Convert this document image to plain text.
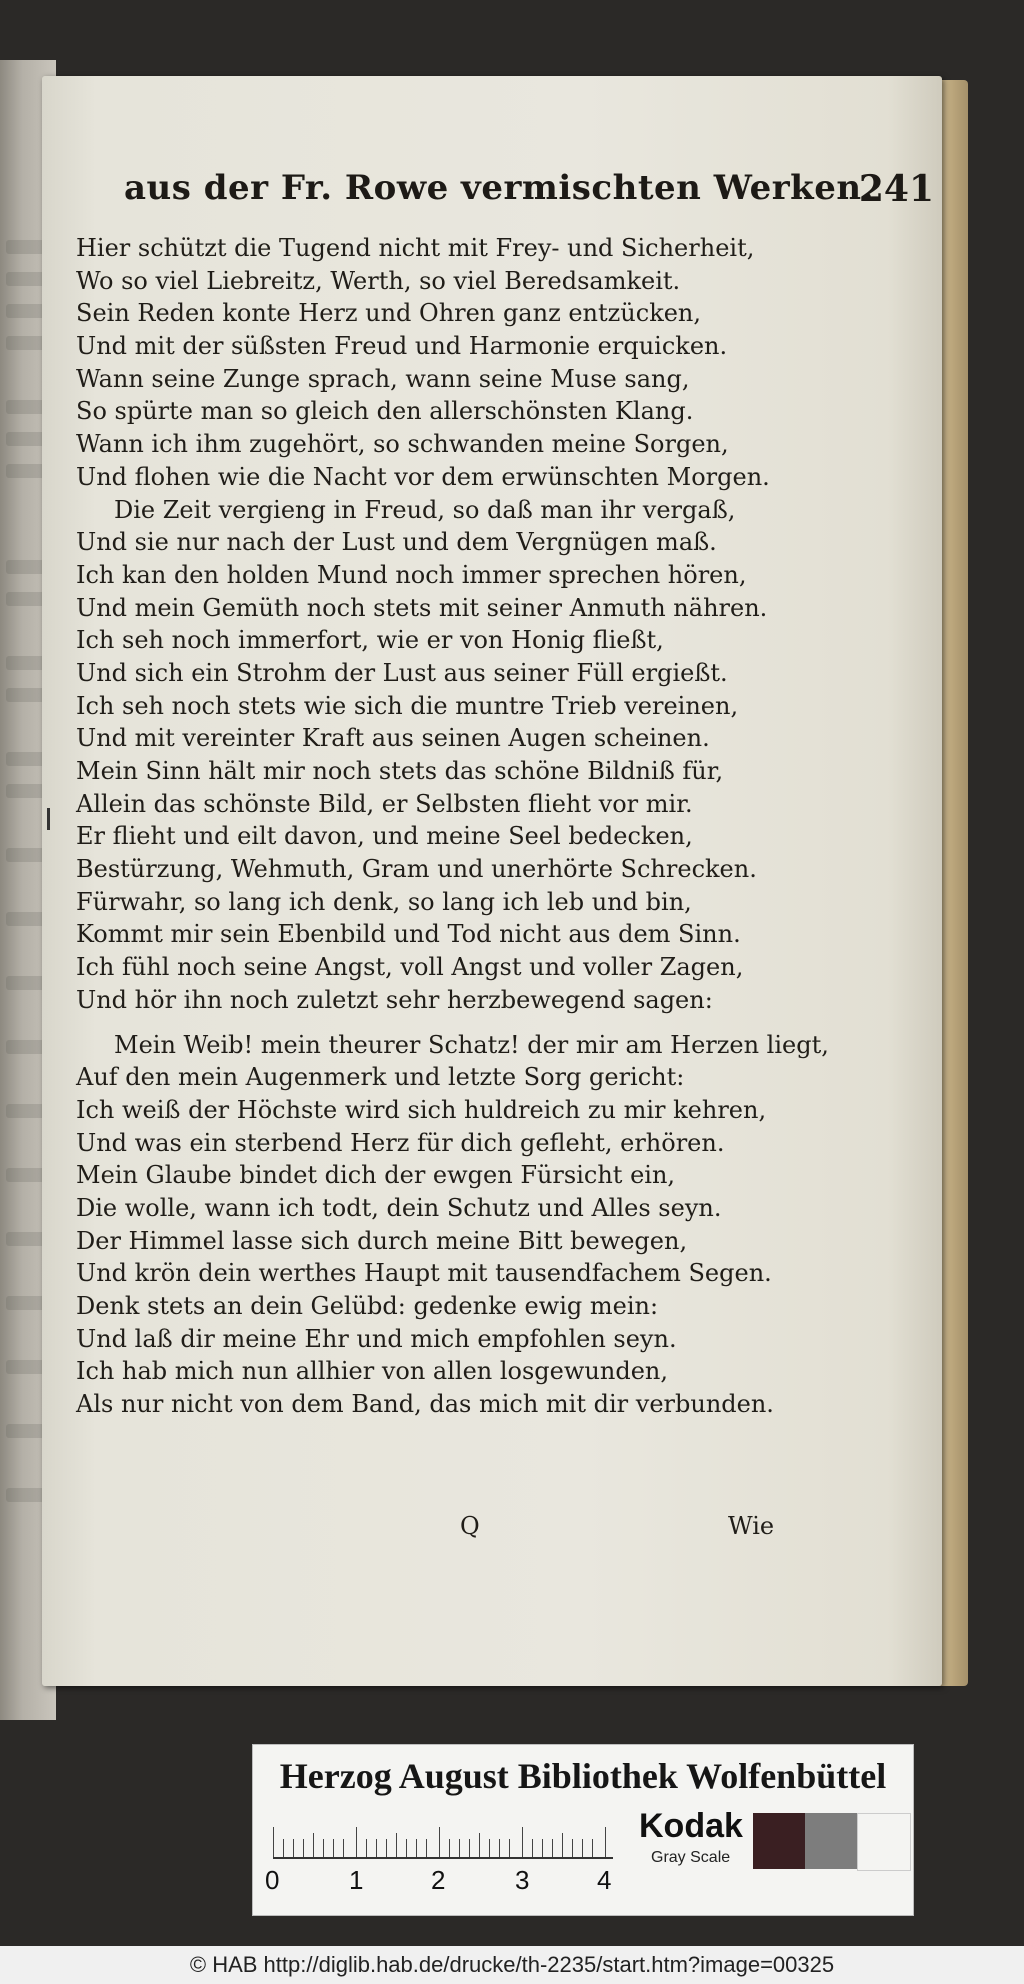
aus der Fr. Rowe vermischten Werken.
241
Hier schützt die Tugend nicht mit Frey- und Sicherheit,
Wo so viel Liebreitz, Werth, so viel Beredsamkeit.
Sein Reden konte Herz und Ohren ganz entzücken,
Und mit der süßsten Freud und Harmonie erquicken.
Wann seine Zunge sprach, wann seine Muse sang,
So spürte man so gleich den allerschönsten Klang.
Wann ich ihm zugehört, so schwanden meine Sorgen,
Und flohen wie die Nacht vor dem erwünschten Morgen.
Die Zeit vergieng in Freud, so daß man ihr vergaß,
Und sie nur nach der Lust und dem Vergnügen maß.
Ich kan den holden Mund noch immer sprechen hören,
Und mein Gemüth noch stets mit seiner Anmuth nähren.
Ich seh noch immerfort, wie er von Honig fließt,
Und sich ein Strohm der Lust aus seiner Füll ergießt.
Ich seh noch stets wie sich die muntre Trieb vereinen,
Und mit vereinter Kraft aus seinen Augen scheinen.
Mein Sinn hält mir noch stets das schöne Bildniß für,
Allein das schönste Bild, er Selbsten flieht vor mir.
Er flieht und eilt davon, und meine Seel bedecken,
Bestürzung, Wehmuth, Gram und unerhörte Schrecken.
Fürwahr, so lang ich denk, so lang ich leb und bin,
Kommt mir sein Ebenbild und Tod nicht aus dem Sinn.
Ich fühl noch seine Angst, voll Angst und voller Zagen,
Und hör ihn noch zuletzt sehr herzbewegend sagen:
Mein Weib! mein theurer Schatz! der mir am Herzen liegt,
Auf den mein Augenmerk und letzte Sorg gericht:
Ich weiß der Höchste wird sich huldreich zu mir kehren,
Und was ein sterbend Herz für dich gefleht, erhören.
Mein Glaube bindet dich der ewgen Fürsicht ein,
Die wolle, wann ich todt, dein Schutz und Alles seyn.
Der Himmel lasse sich durch meine Bitt bewegen,
Und krön dein werthes Haupt mit tausendfachem Segen.
Denk stets an dein Gelübd: gedenke ewig mein:
Und laß dir meine Ehr und mich empfohlen seyn.
Ich hab mich nun allhier von allen losgewunden,
Als nur nicht von dem Band, das mich mit dir verbunden.
Q	Wie
Herzog August Bibliothek Wolfenbüttel
0	1	2	3	4
Kodak
Gray Scale
© HAB http://diglib.hab.de/drucke/th-2235/start.htm?image=00325
